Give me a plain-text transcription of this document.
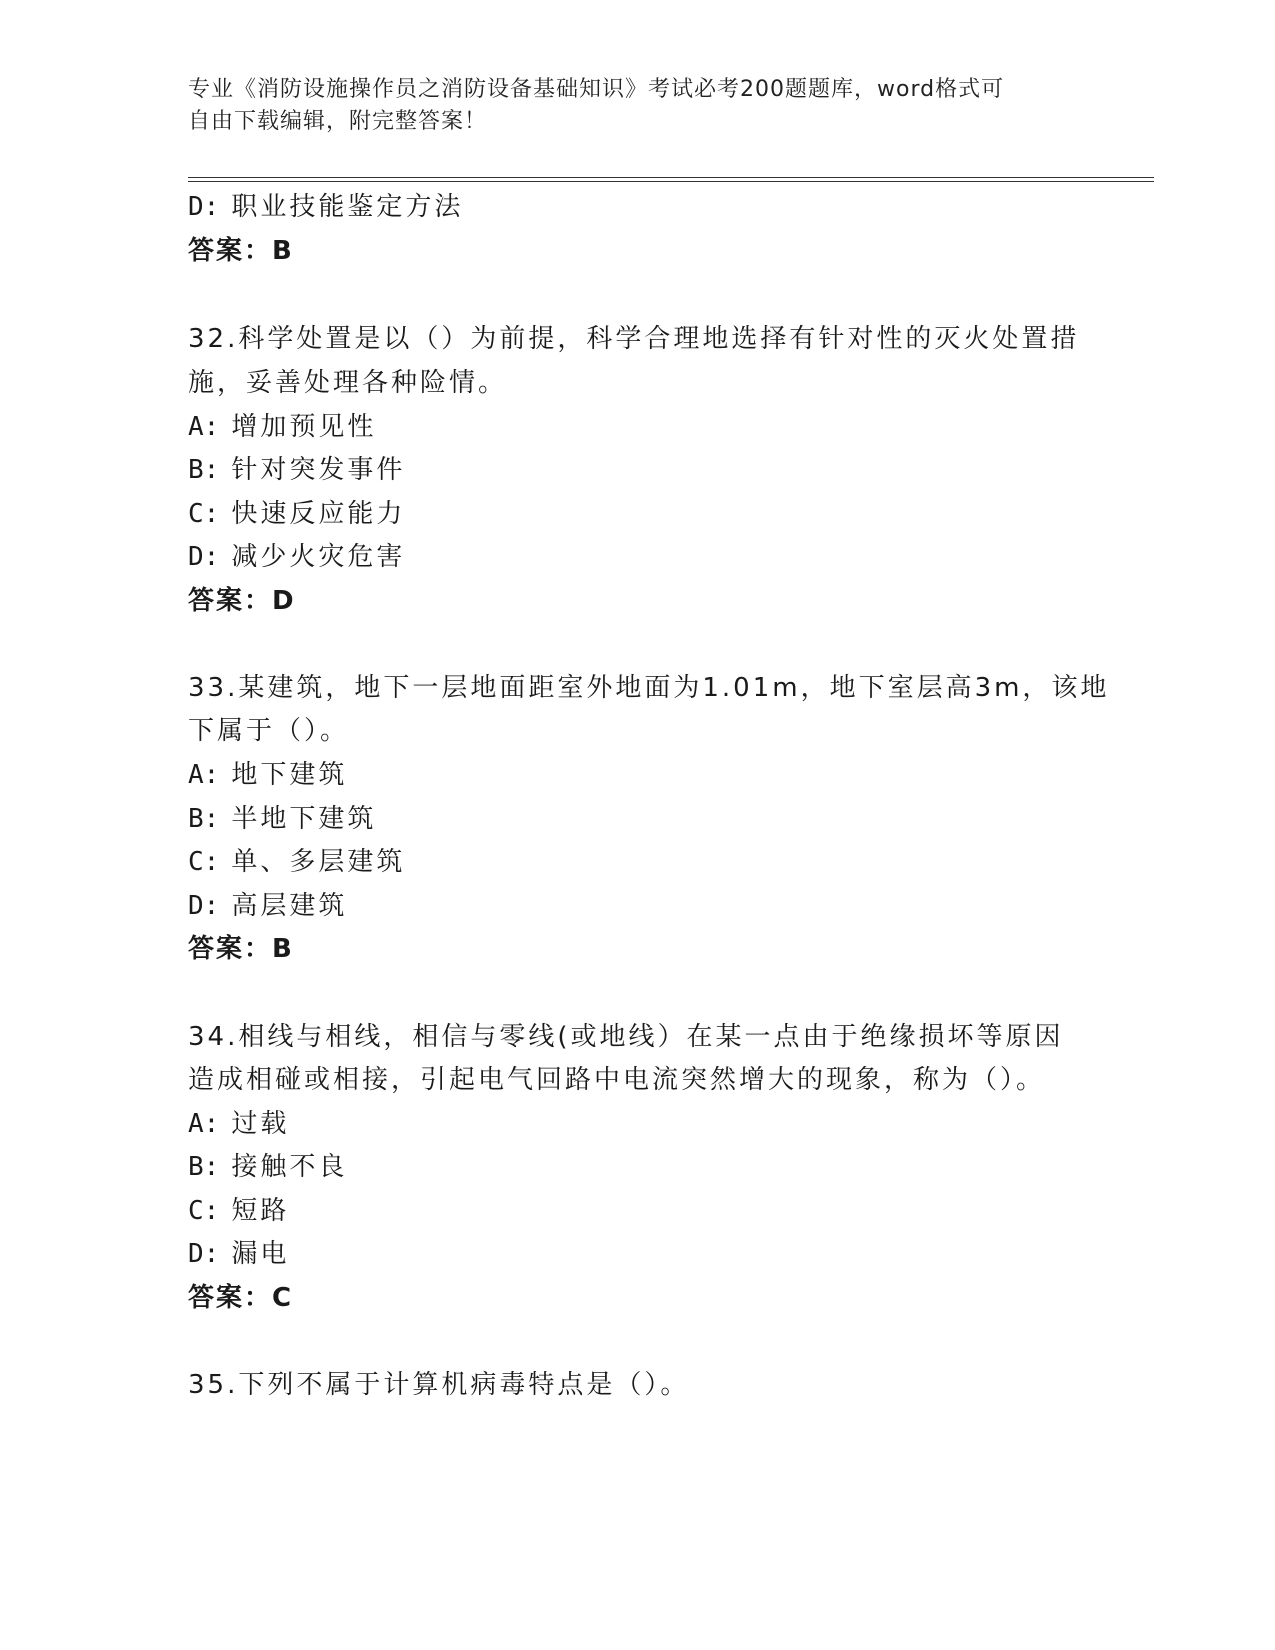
专业《消防设施操作员之消防设备基础知识》考试必考200题题库，word格式可
自由下载编辑，附完整答案！
D: 职业技能鉴定方法
答案：B
32.科学处置是以（）为前提，科学合理地选择有针对性的灭火处置措
施，妥善处理各种险情。
A: 增加预见性
B: 针对突发事件
C: 快速反应能力
D: 减少火灾危害
答案：D
33.某建筑，地下一层地面距室外地面为1.01m，地下室层高3m，该地
下属于（）。
A: 地下建筑
B: 半地下建筑
C: 单、多层建筑
D: 高层建筑
答案：B
34.相线与相线，相信与零线(或地线）在某一点由于绝缘损坏等原因
造成相碰或相接，引起电气回路中电流突然增大的现象，称为（）。
A: 过载
B: 接触不良
C: 短路
D: 漏电
答案：C
35.下列不属于计算机病毒特点是（）。
